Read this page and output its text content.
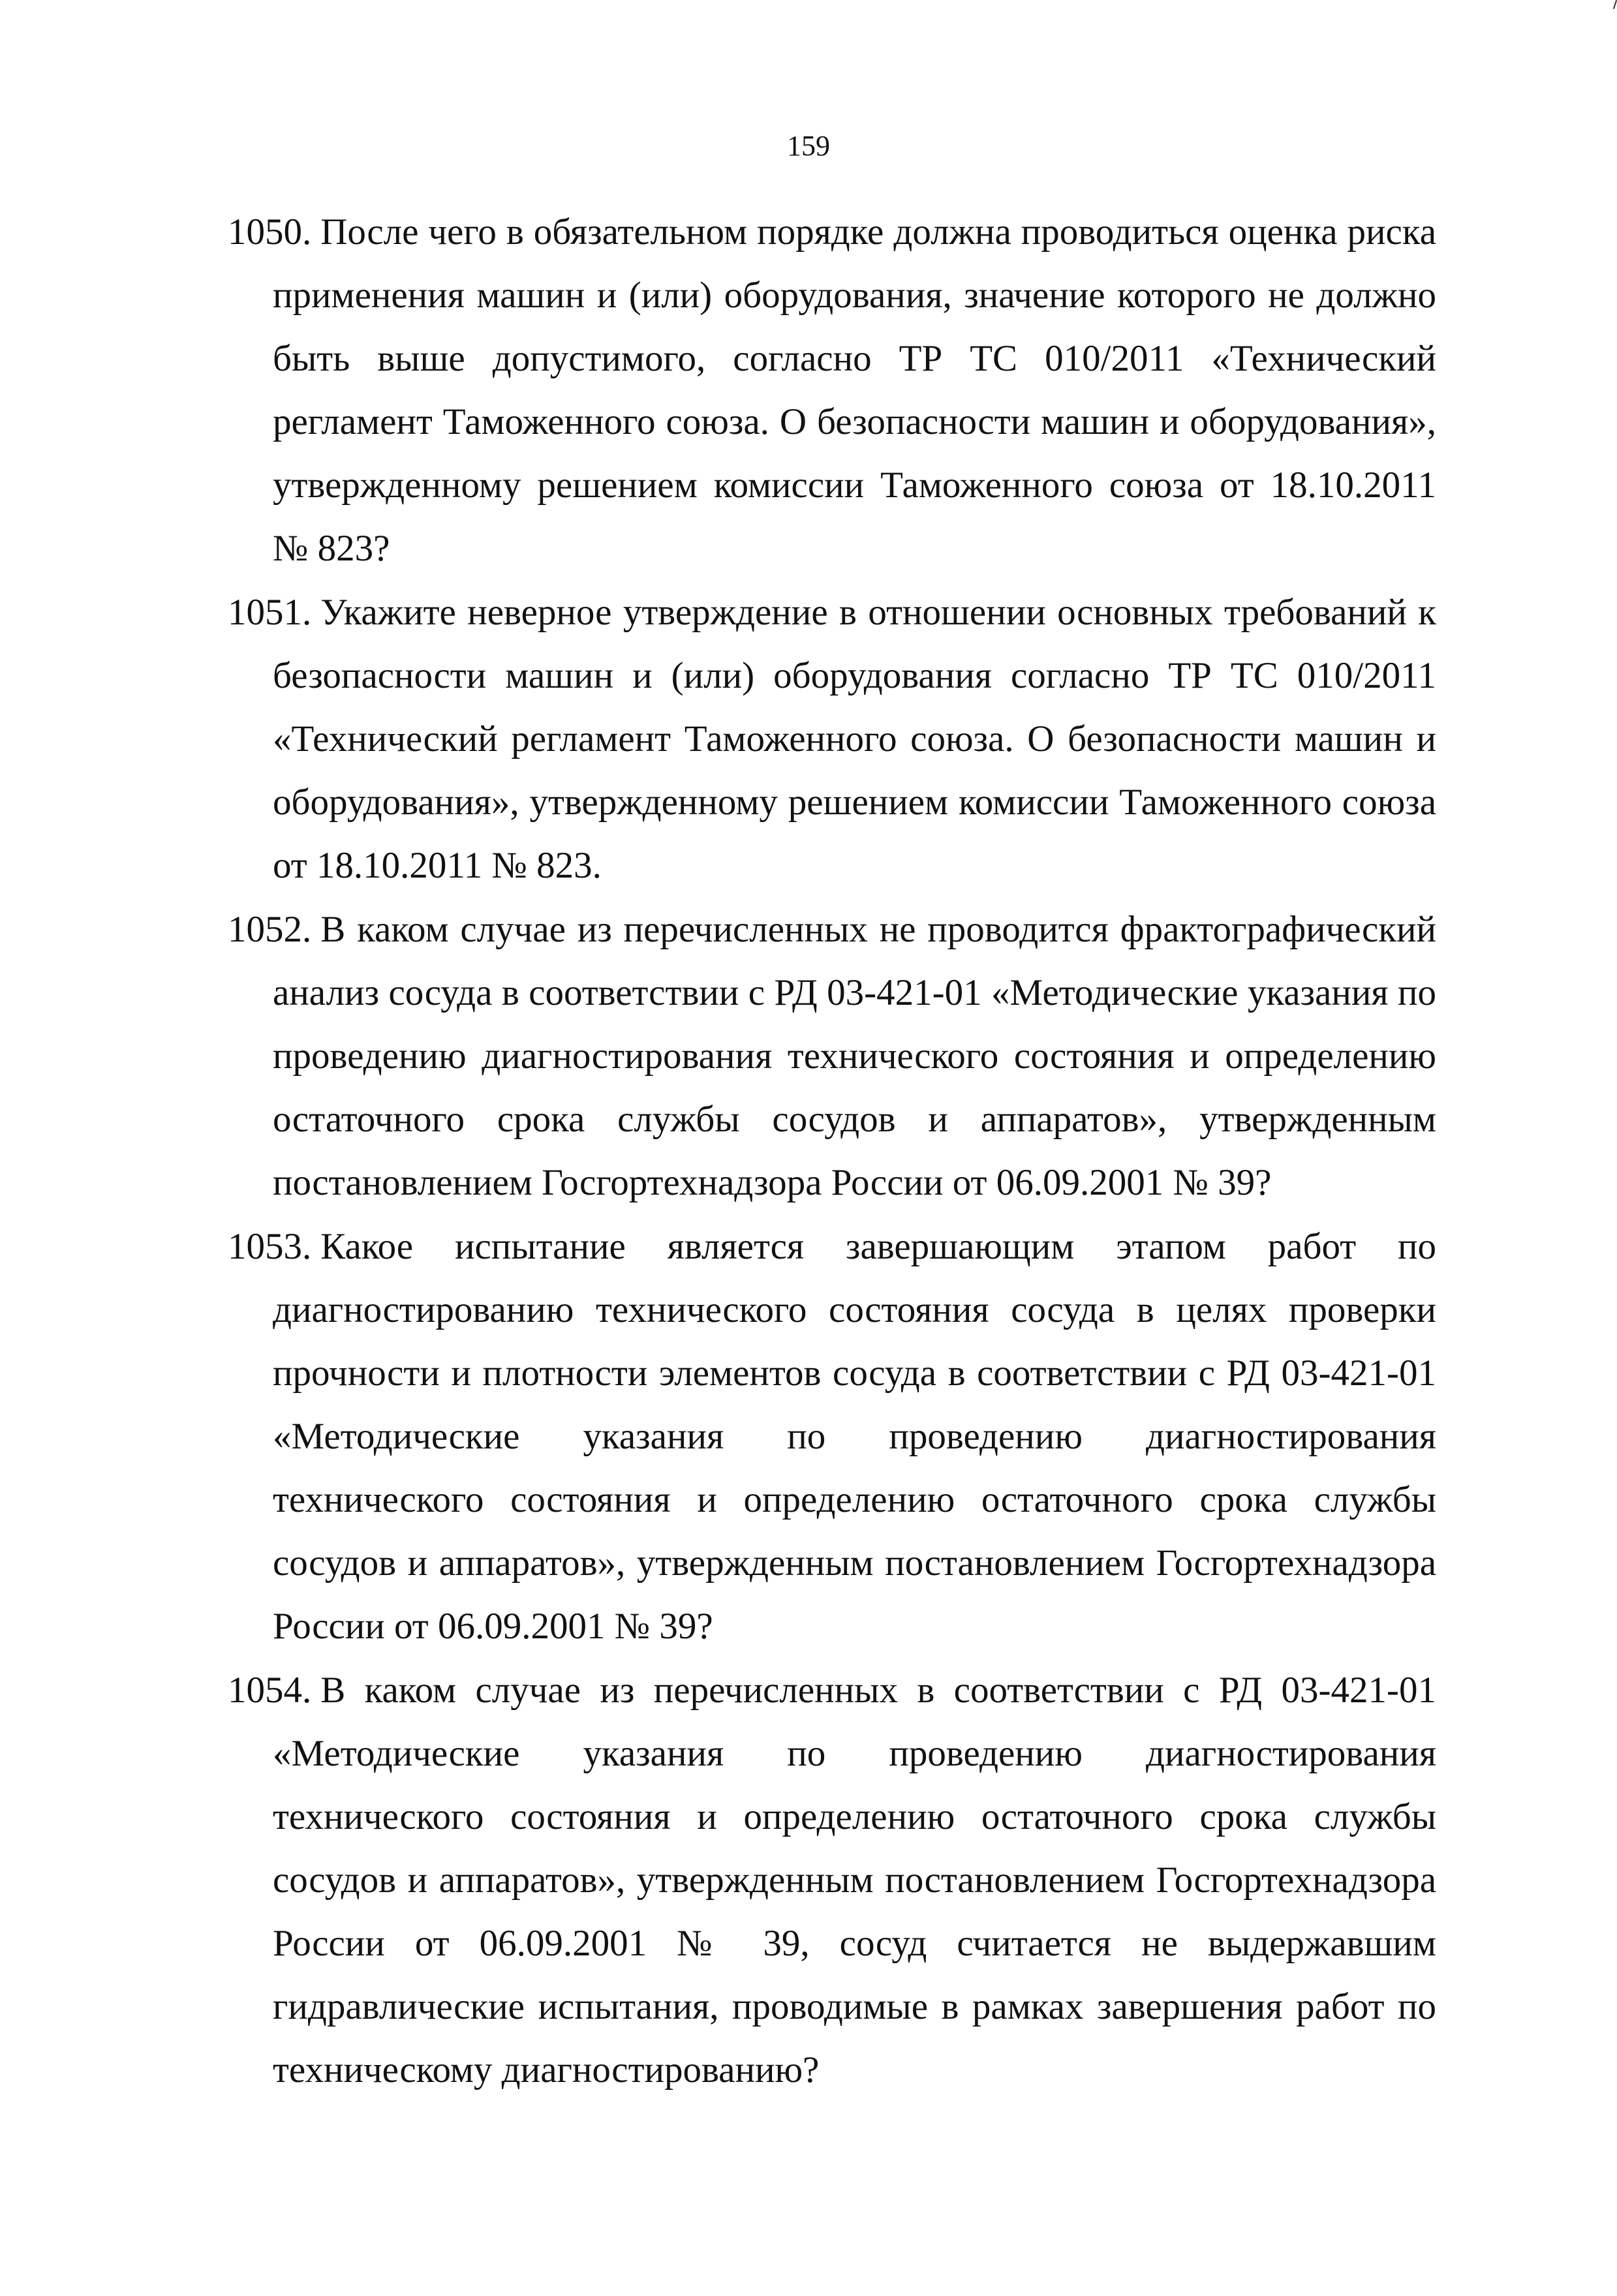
159
1050. После чего в обязательном порядке должна проводиться оценка риска применения машин и (или) оборудования, значение которого не должно быть выше допустимого, согласно ТР ТС 010/2011 «Технический регламент Таможенного союза. О безопасности машин и оборудования», утвержденному решением комиссии Таможенного союза от 18.10.2011 № 823?
1051. Укажите неверное утверждение в отношении основных требований к безопасности машин и (или) оборудования согласно ТР ТС 010/2011 «Технический регламент Таможенного союза. О безопасности машин и оборудования», утвержденному решением комиссии Таможенного союза от 18.10.2011 № 823.
1052. В каком случае из перечисленных не проводится фрактографический анализ сосуда в соответствии с РД 03-421-01 «Методические указания по проведению диагностирования технического состояния и определению остаточного срока службы сосудов и аппаратов», утвержденным постановлением Госгортехнадзора России от 06.09.2001 № 39?
1053. Какое испытание является завершающим этапом работ по диагностированию технического состояния сосуда в целях проверки прочности и плотности элементов сосуда в соответствии с РД 03-421-01 «Методические указания по проведению диагностирования технического состояния и определению остаточного срока службы сосудов и аппаратов», утвержденным постановлением Госгортехнадзора России от 06.09.2001 № 39?
1054. В каком случае из перечисленных в соответствии с РД 03-421-01 «Методические указания по проведению диагностирования технического состояния и определению остаточного срока службы сосудов и аппаратов», утвержденным постановлением Госгортехнадзора России от 06.09.2001 № 39, сосуд считается не выдержавшим гидравлические испытания, проводимые в рамках завершения работ по техническому диагностированию?
